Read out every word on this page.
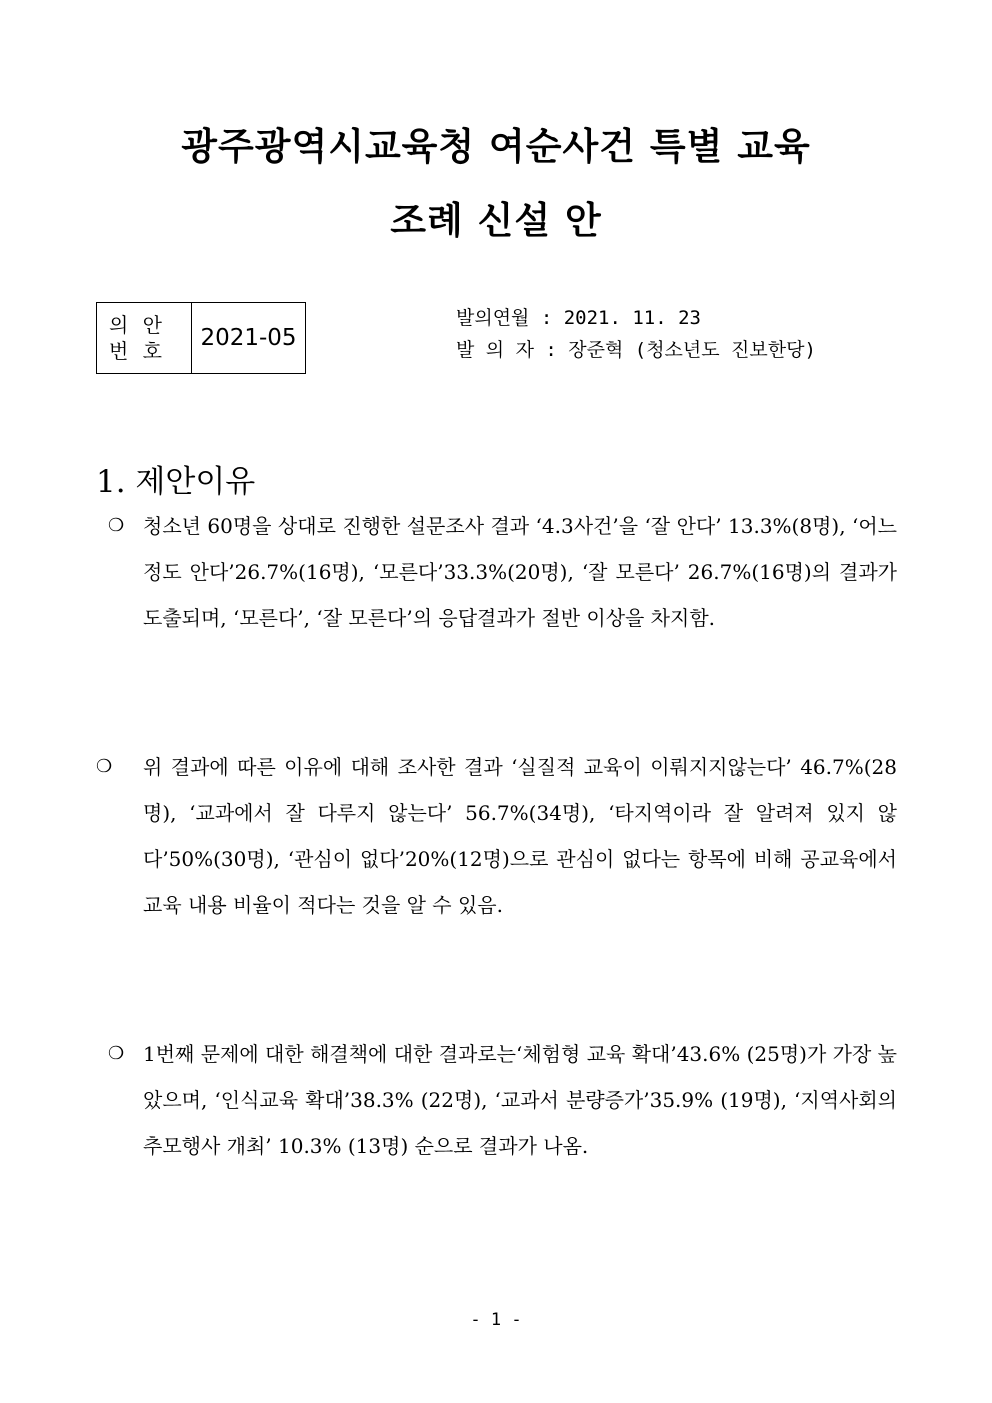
광주광역시교육청 여순사건 특별 교육
조례 신설 안
의 안
번 호	2021-05
발의연월 : 2021. 11. 23
발 의 자 : 장준혁 (청소년도 진보한당)
1. 제안이유
❍ 청소년 60명을 상대로 진행한 설문조사 결과 ‘4.3사건’을 ‘잘 안다’ 13.3%(8명), ‘어느 정도 안다’26.7%(16명), ‘모른다’33.3%(20명), ‘잘 모른다’ 26.7%(16명)의 결과가 도출되며, ‘모른다’, ‘잘 모른다’의 응답결과가 절반 이상을 차지함.
❍ 위 결과에 따른 이유에 대해 조사한 결과 ‘실질적 교육이 이뤄지지않는다’ 46.7%(28명), ‘교과에서 잘 다루지 않는다’ 56.7%(34명), ‘타지역이라 잘 알려져 있지 않다’50%(30명), ‘관심이 없다’20%(12명)으로 관심이 없다는 항목에 비해 공교육에서 교육 내용 비율이 적다는 것을 알 수 있음.
❍ 1번째 문제에 대한 해결책에 대한 결과로는‘체험형 교육 확대’43.6% (25명)가 가장 높았으며, ‘인식교육 확대’38.3% (22명), ‘교과서 분량증가’35.9% (19명), ‘지역사회의 추모행사 개최’ 10.3% (13명) 순으로 결과가 나옴.
- 1 -
